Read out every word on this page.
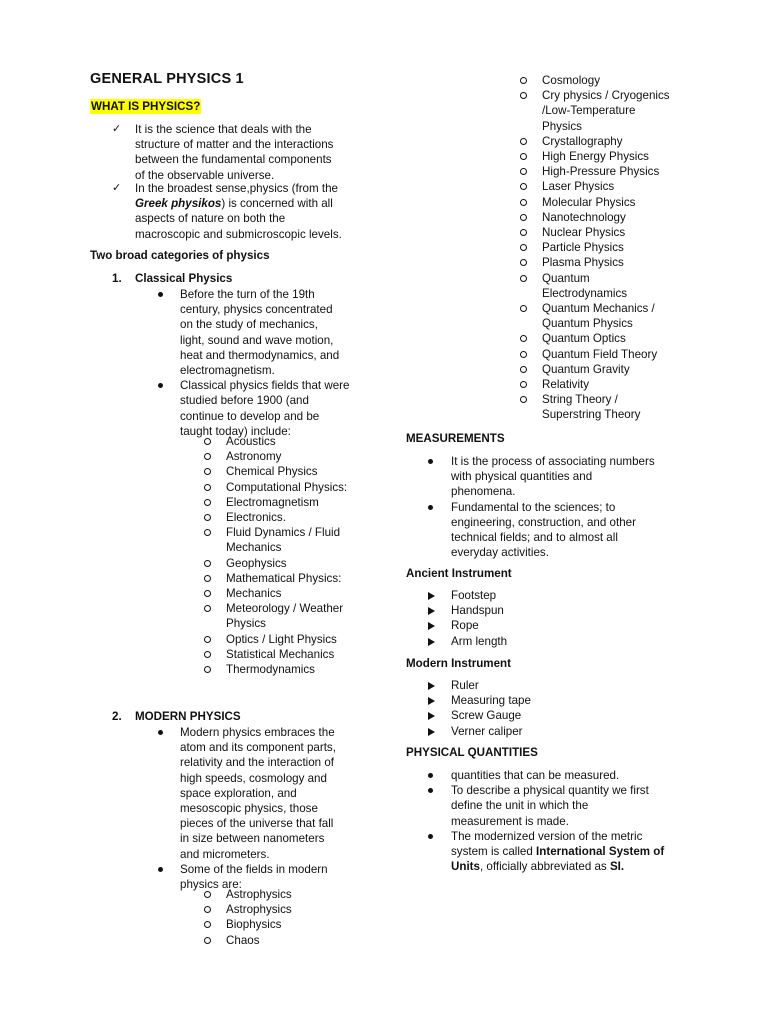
GENERAL PHYSICS 1
WHAT IS PHYSICS?
✓ It is the science that deals with the
structure of matter and the interactions
between the fundamental components
of the observable universe.
✓ In the broadest sense,physics (from the
Greek physikos) is concerned with all
aspects of nature on both the
macroscopic and submicroscopic levels.
Two broad categories of physics
1. Classical Physics
Before the turn of the 19th
century, physics concentrated
on the study of mechanics,
light, sound and wave motion,
heat and thermodynamics, and
electromagnetism.
Classical physics fields that were
studied before 1900 (and
continue to develop and be
taught today) include:
Acoustics
Astronomy
Chemical Physics
Computational Physics:
Electromagnetism
Electronics.
Fluid Dynamics / Fluid
Mechanics
Geophysics
Mathematical Physics:
Mechanics
Meteorology / Weather
Physics
Optics / Light Physics
Statistical Mechanics
Thermodynamics
2. MODERN PHYSICS
Modern physics embraces the
atom and its component parts,
relativity and the interaction of
high speeds, cosmology and
space exploration, and
mesoscopic physics, those
pieces of the universe that fall
in size between nanometers
and micrometers.
Some of the fields in modern
physics are:
Astrophysics
Astrophysics
Biophysics
Chaos
Cosmology
Cry physics / Cryogenics
/Low-Temperature
Physics
Crystallography
High Energy Physics
High-Pressure Physics
Laser Physics
Molecular Physics
Nanotechnology
Nuclear Physics
Particle Physics
Plasma Physics
Quantum
Electrodynamics
Quantum Mechanics /
Quantum Physics
Quantum Optics
Quantum Field Theory
Quantum Gravity
Relativity
String Theory /
Superstring Theory
MEASUREMENTS
It is the process of associating numbers
with physical quantities and
phenomena.
Fundamental to the sciences; to
engineering, construction, and other
technical fields; and to almost all
everyday activities.
Ancient Instrument
Footstep
Handspun
Rope
Arm length
Modern Instrument
Ruler
Measuring tape
Screw Gauge
Verner caliper
PHYSICAL QUANTITIES
quantities that can be measured.
To describe a physical quantity we first
define the unit in which the
measurement is made.
The modernized version of the metric
system is called International System of
Units, officially abbreviated as SI.
